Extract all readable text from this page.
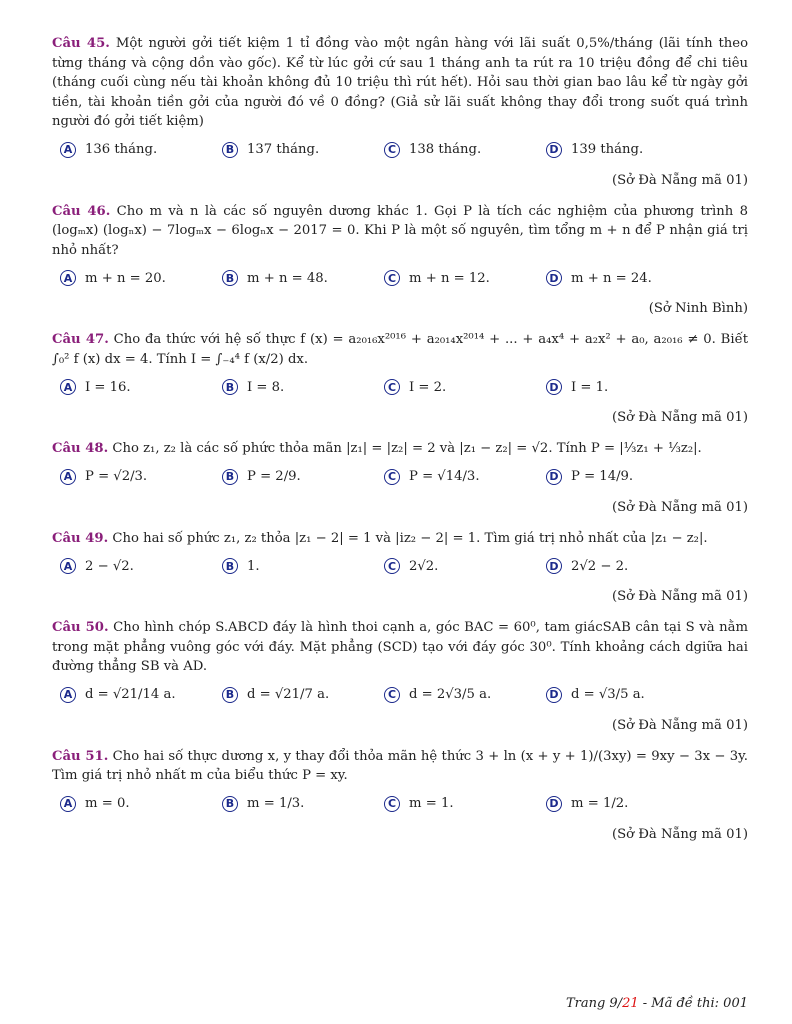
Câu 45. Một người gởi tiết kiệm 1 tỉ đồng vào một ngân hàng với lãi suất 0,5%/tháng (lãi tính theo từng tháng và cộng dồn vào gốc). Kể từ lúc gởi cứ sau 1 tháng anh ta rút ra 10 triệu đồng để chi tiêu (tháng cuối cùng nếu tài khoản không đủ 10 triệu thì rút hết). Hỏi sau thời gian bao lâu kể từ ngày gởi tiền, tài khoản tiền gởi của người đó về 0 đồng? (Giả sử lãi suất không thay đổi trong suốt quá trình người đó gởi tiết kiệm)
A 136 tháng.	B 137 tháng.	C 138 tháng.	D 139 tháng.
(Sở Đà Nẵng mã 01)
Câu 46. Cho m và n là các số nguyên dương khác 1. Gọi P là tích các nghiệm của phương trình 8 (logₘx) (logₙx) − 7logₘx − 6logₙx − 2017 = 0. Khi P là một số nguyên, tìm tổng m + n để P nhận giá trị nhỏ nhất?
A m + n = 20.	B m + n = 48.	C m + n = 12.	D m + n = 24.
(Sở Ninh Bình)
Câu 47. Cho đa thức với hệ số thực f (x) = a₂₀₁₆x²⁰¹⁶ + a₂₀₁₄x²⁰¹⁴ + ... + a₄x⁴ + a₂x² + a₀, a₂₀₁₆ ≠ 0. Biết ∫₀² f (x) dx = 4. Tính I = ∫₋₄⁴ f (x/2) dx.
A I = 16.	B I = 8.	C I = 2.	D I = 1.
(Sở Đà Nẵng mã 01)
Câu 48. Cho z₁, z₂ là các số phức thỏa mãn |z₁| = |z₂| = 2 và |z₁ − z₂| = √2. Tính P = |⅓z₁ + ⅓z₂|.
A P = √2/3.	B P = 2/9.	C P = √14/3.	D P = 14/9.
(Sở Đà Nẵng mã 01)
Câu 49. Cho hai số phức z₁, z₂ thỏa |z₁ − 2| = 1 và |iz₂ − 2| = 1. Tìm giá trị nhỏ nhất của |z₁ − z₂|.
A 2 − √2.	B 1.	C 2√2.	D 2√2 − 2.
(Sở Đà Nẵng mã 01)
Câu 50. Cho hình chóp S.ABCD đáy là hình thoi cạnh a, góc BAC = 60⁰, tam giácSAB cân tại S và nằm trong mặt phẳng vuông góc với đáy. Mặt phẳng (SCD) tạo với đáy góc 30⁰. Tính khoảng cách dgiữa hai đường thẳng SB và AD.
A d = √21/14 a.	B d = √21/7 a.	C d = 2√3/5 a.	D d = √3/5 a.
(Sở Đà Nẵng mã 01)
Câu 51. Cho hai số thực dương x, y thay đổi thỏa mãn hệ thức 3 + ln (x + y + 1)/(3xy) = 9xy − 3x − 3y. Tìm giá trị nhỏ nhất m của biểu thức P = xy.
A m = 0.	B m = 1/3.	C m = 1.	D m = 1/2.
(Sở Đà Nẵng mã 01)
Trang 9/21 - Mã đề thi: 001
